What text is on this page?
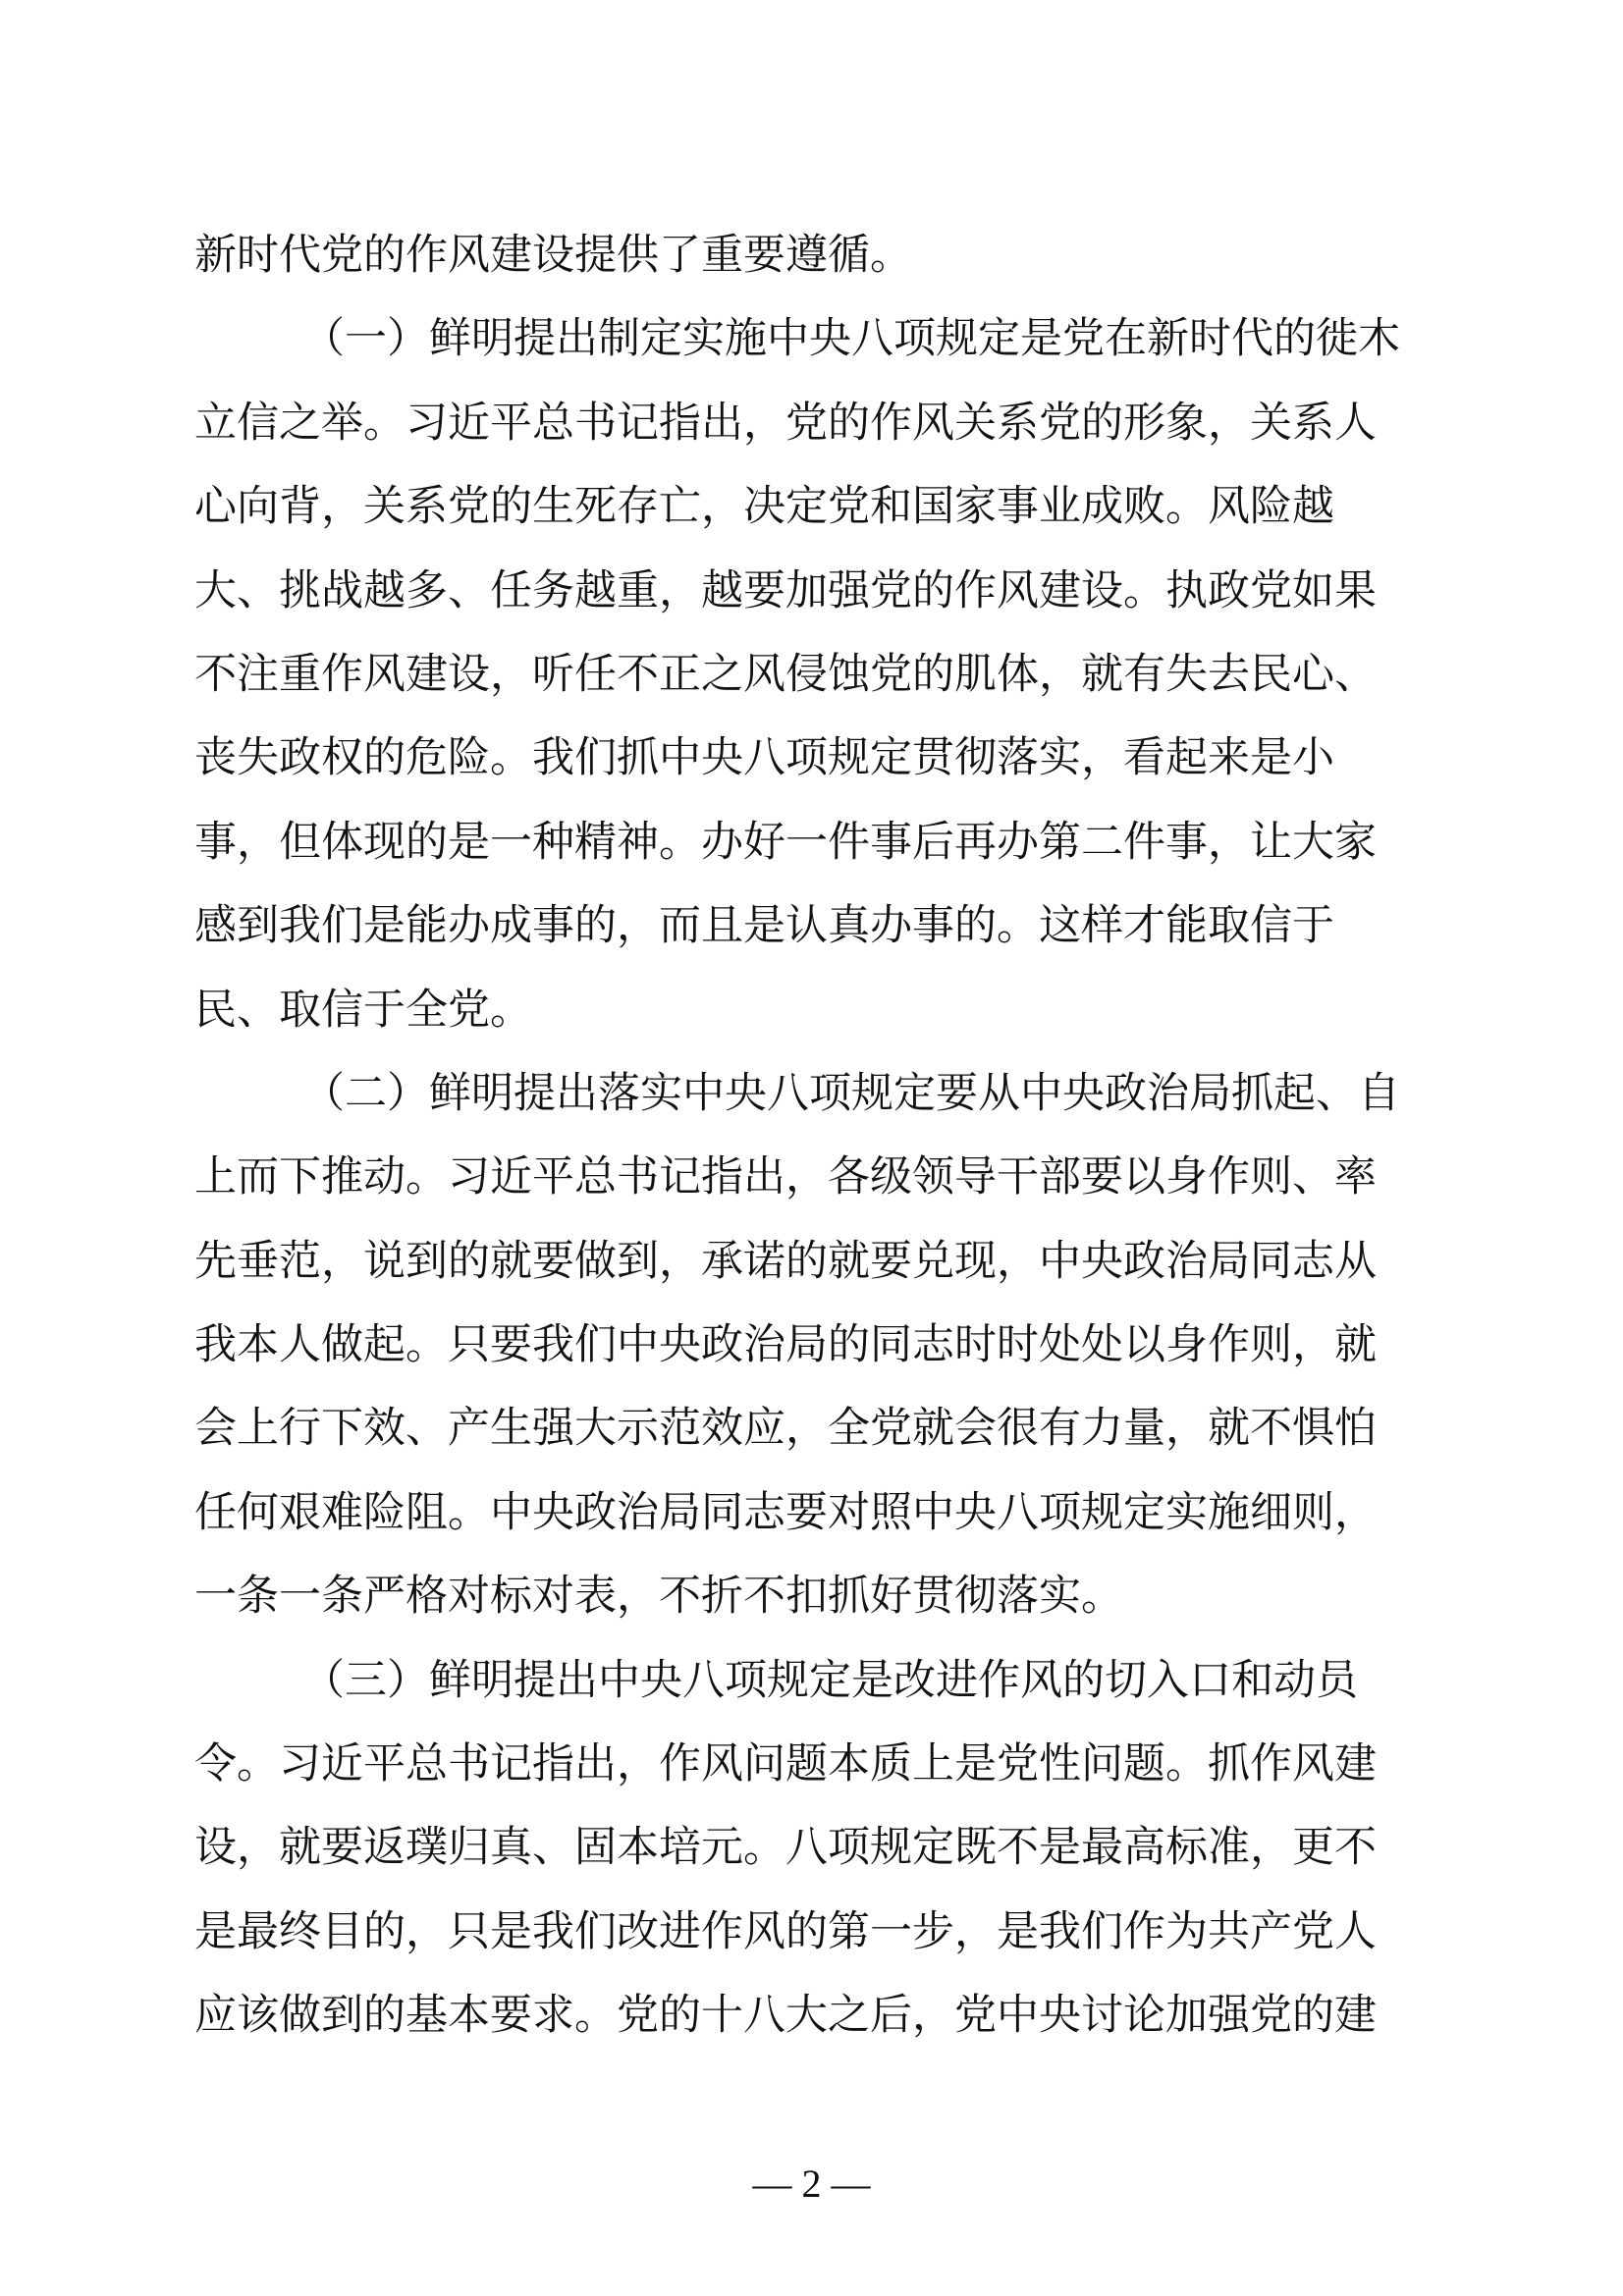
新时代党的作风建设提供了重要遵循。
（一）鲜明提出制定实施中央八项规定是党在新时代的徙木
立信之举。习近平总书记指出，党的作风关系党的形象，关系人
心向背，关系党的生死存亡，决定党和国家事业成败。风险越
大、挑战越多、任务越重，越要加强党的作风建设。执政党如果
不注重作风建设，听任不正之风侵蚀党的肌体，就有失去民心、
丧失政权的危险。我们抓中央八项规定贯彻落实，看起来是小
事，但体现的是一种精神。办好一件事后再办第二件事，让大家
感到我们是能办成事的，而且是认真办事的。这样才能取信于
民、取信于全党。
（二）鲜明提出落实中央八项规定要从中央政治局抓起、自
上而下推动。习近平总书记指出，各级领导干部要以身作则、率
先垂范，说到的就要做到，承诺的就要兑现，中央政治局同志从
我本人做起。只要我们中央政治局的同志时时处处以身作则，就
会上行下效、产生强大示范效应，全党就会很有力量，就不惧怕
任何艰难险阻。中央政治局同志要对照中央八项规定实施细则，
一条一条严格对标对表，不折不扣抓好贯彻落实。
（三）鲜明提出中央八项规定是改进作风的切入口和动员
令。习近平总书记指出，作风问题本质上是党性问题。抓作风建
设，就要返璞归真、固本培元。八项规定既不是最高标准，更不
是最终目的，只是我们改进作风的第一步，是我们作为共产党人
应该做到的基本要求。党的十八大之后，党中央讨论加强党的建
— 2 —
